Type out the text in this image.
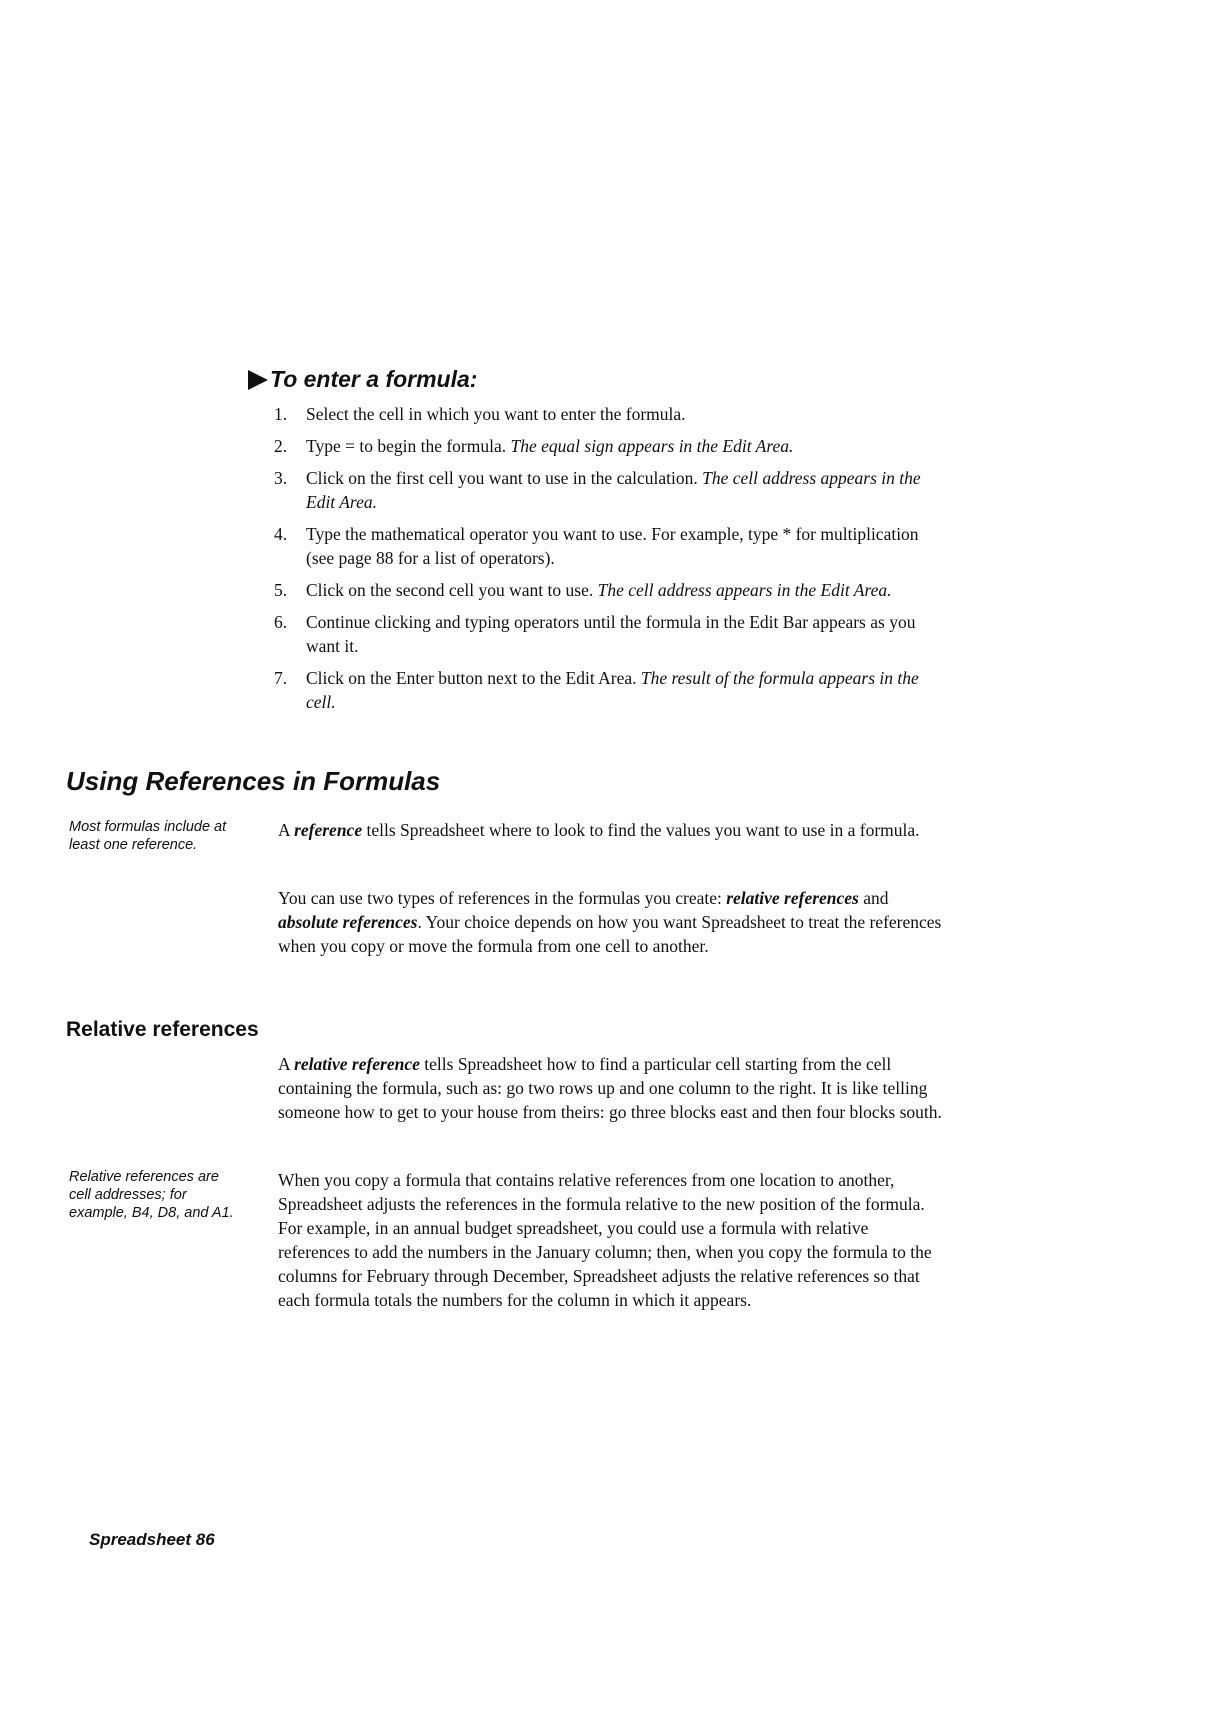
To enter a formula:
1. Select the cell in which you want to enter the formula.
2. Type = to begin the formula. The equal sign appears in the Edit Area.
3. Click on the first cell you want to use in the calculation. The cell address appears in the Edit Area.
4. Type the mathematical operator you want to use. For example, type * for multiplication (see page 88 for a list of operators).
5. Click on the second cell you want to use. The cell address appears in the Edit Area.
6. Continue clicking and typing operators until the formula in the Edit Bar appears as you want it.
7. Click on the Enter button next to the Edit Area. The result of the formula appears in the cell.
Using References in Formulas
Most formulas include at least one reference.

A reference tells Spreadsheet where to look to find the values you want to use in a formula.

You can use two types of references in the formulas you create: relative references and absolute references. Your choice depends on how you want Spreadsheet to treat the references when you copy or move the formula from one cell to another.

Relative references

A relative reference tells Spreadsheet how to find a particular cell starting from the cell containing the formula, such as: go two rows up and one column to the right. It is like telling someone how to get to your house from theirs: go three blocks east and then four blocks south.

Relative references are cell addresses; for example, B4, D8, and A1.

When you copy a formula that contains relative references from one location to another, Spreadsheet adjusts the references in the formula relative to the new position of the formula. For example, in an annual budget spreadsheet, you could use a formula with relative references to add the numbers in the January column; then, when you copy the formula to the columns for February through December, Spreadsheet adjusts the relative references so that each formula totals the numbers for the column in which it appears.

Spreadsheet 86
